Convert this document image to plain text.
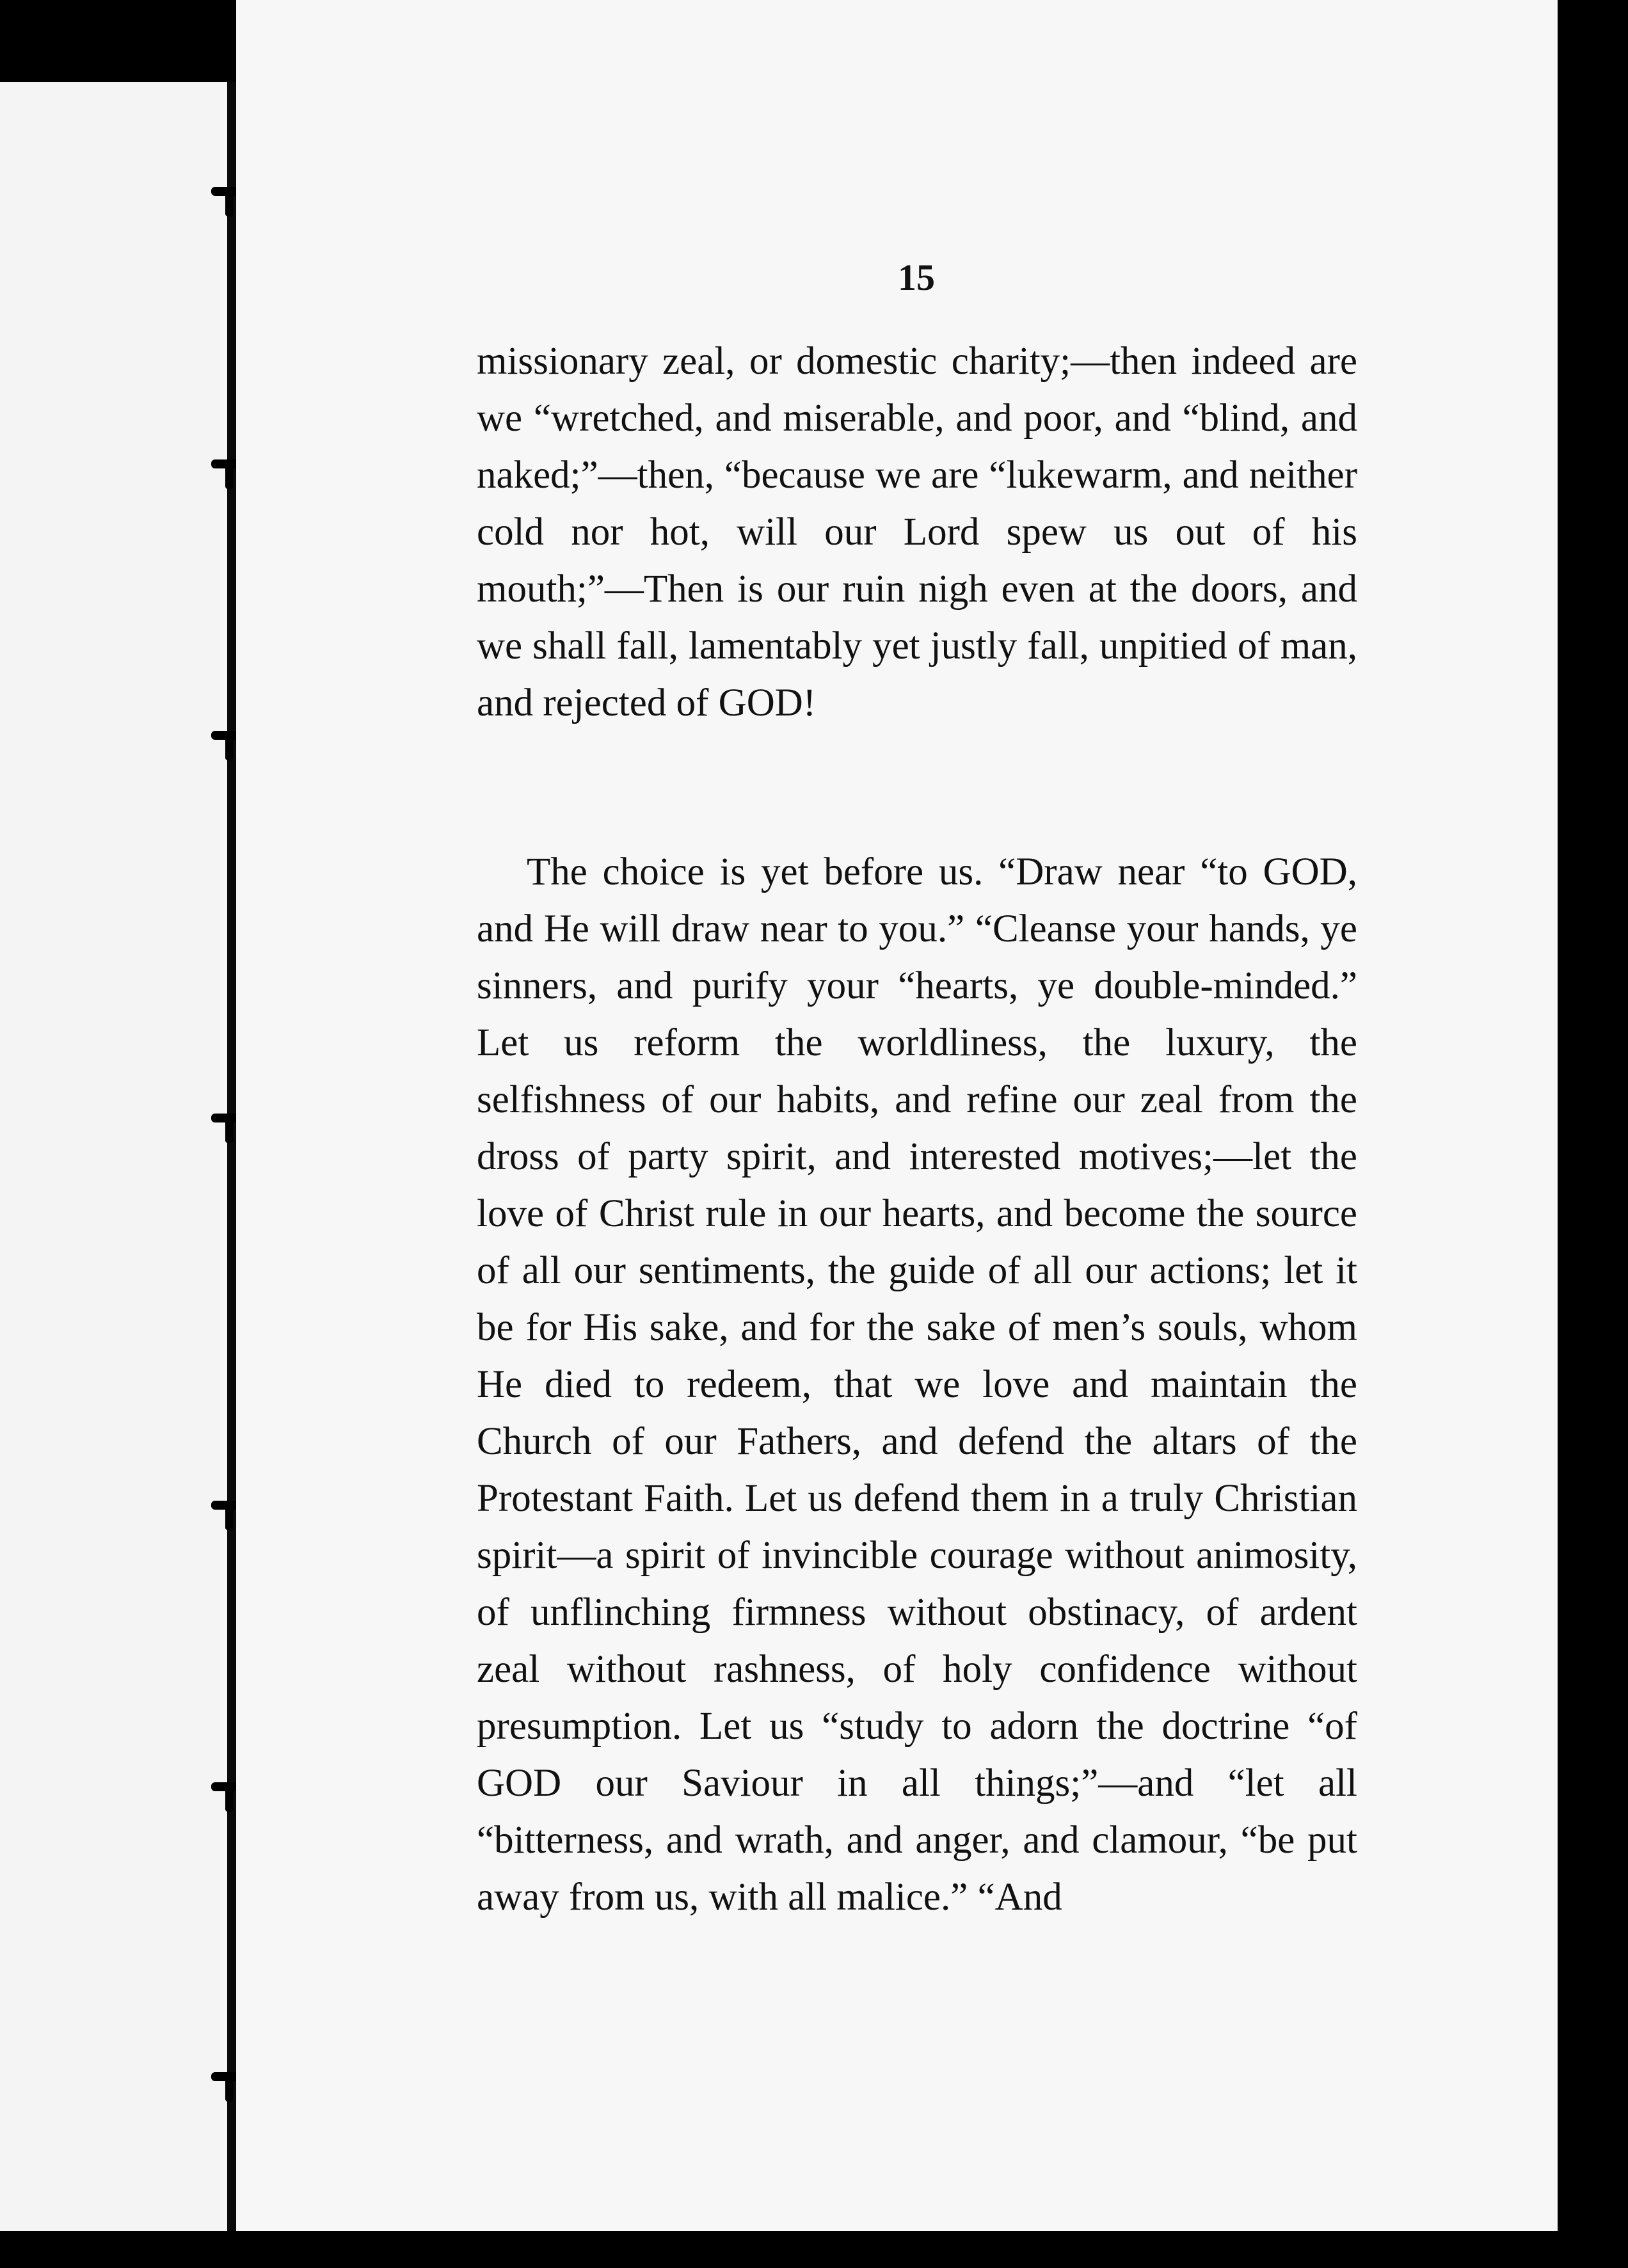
15

missionary zeal, or domestic charity;—then indeed are we “wretched, and miserable, and poor, and “blind, and naked;”—then, “because we are “lukewarm, and neither cold nor hot, will our Lord spew us out of his mouth;”—Then is our ruin nigh even at the doors, and we shall fall, lamentably yet justly fall, unpitied of man, and rejected of GOD!

The choice is yet before us. “Draw near “to GOD, and He will draw near to you.” “Cleanse your hands, ye sinners, and purify your “hearts, ye double-minded.” Let us reform the worldliness, the luxury, the selfishness of our habits, and refine our zeal from the dross of party spirit, and interested motives;—let the love of Christ rule in our hearts, and become the source of all our sentiments, the guide of all our actions; let it be for His sake, and for the sake of men’s souls, whom He died to redeem, that we love and maintain the Church of our Fathers, and defend the altars of the Protestant Faith. Let us defend them in a truly Christian spirit—a spirit of invincible courage without animosity, of unflinching firmness without obstinacy, of ardent zeal without rashness, of holy confidence without presumption. Let us “study to adorn the doctrine “of GOD our Saviour in all things;”—and “let all “bitterness, and wrath, and anger, and clamour, “be put away from us, with all malice.” “And
